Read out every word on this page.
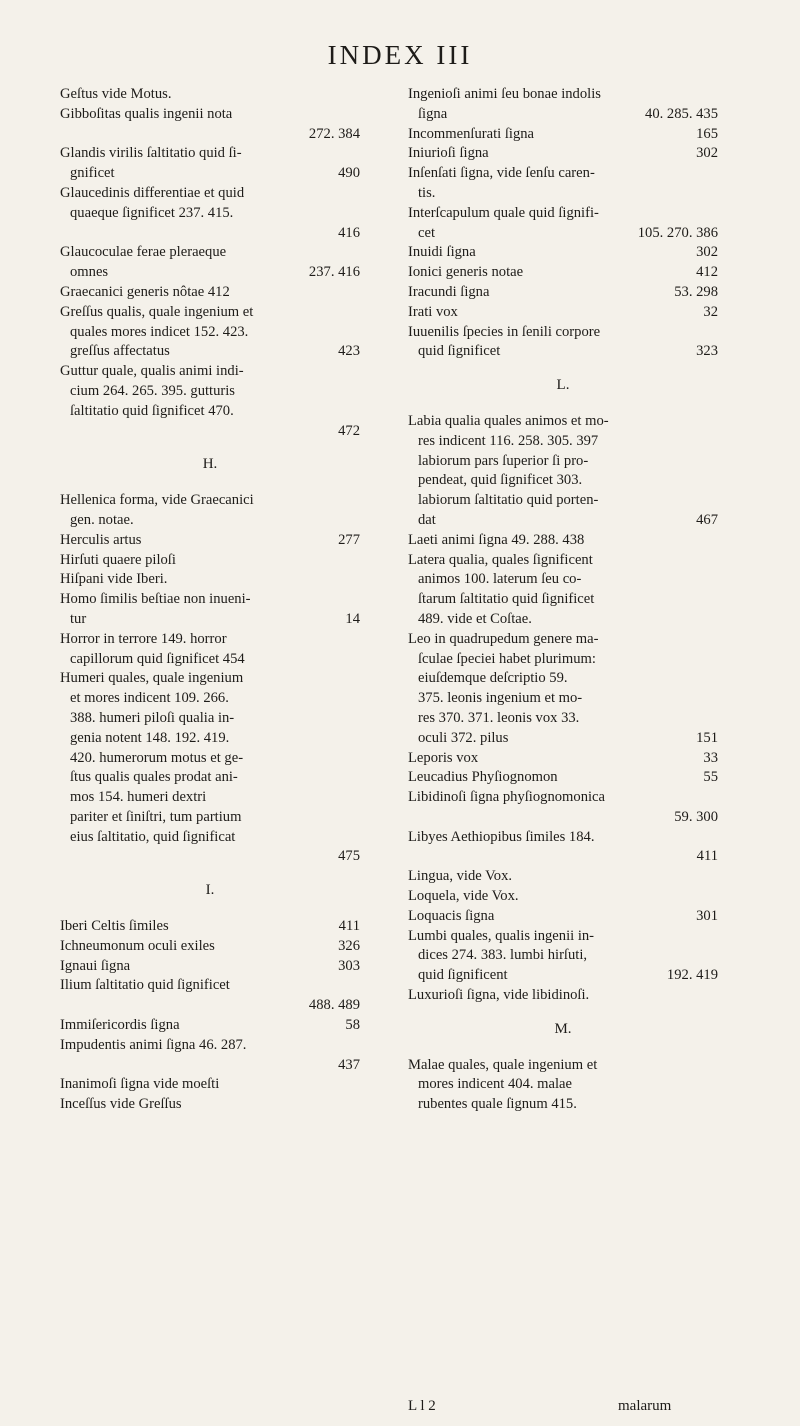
INDEX III
Geſtus vide Motus.
Gibboſitas qualis ingenii nota
272. 384
Glandis virilis ſaltitatio quid ſi-
gnificet	490
Glaucedinis differentiae et quid
quaeque ſignificet 237. 415.
416
Glaucoculae ferae pleraeque
omnes	237. 416
Graecanici generis nôtae 412
Greſſus qualis, quale ingenium et
quales mores indicet 152. 423.
greſſus affectatus	423
Guttur quale, qualis animi indi-
cium 264. 265. 395. gutturis
ſaltitatio quid ſignificet 470.
472
H.
Hellenica forma, vide Graecanici
gen. notae.
Herculis artus	277
Hirſuti quaere piloſi
Hiſpani vide Iberi.
Homo ſimilis beſtiae non inueni-
tur	14
Horror in terrore 149. horror
capillorum quid ſignificet 454
Humeri quales, quale ingenium
et mores indicent 109. 266.
388. humeri piloſi qualia in-
genia notent 148. 192. 419.
420. humerorum motus et ge-
ſtus qualis quales prodat ani-
mos 154. humeri dextri
pariter et ſiniſtri, tum partium
eius ſaltitatio, quid ſignificat
475
I.
Iberi Celtis ſimiles	411
Ichneumonum oculi exiles	326
Ignaui ſigna	303
Ilium ſaltitatio quid ſignificet
488. 489
Immiſericordis ſigna	58
Impudentis animi ſigna 46. 287.
437
Inanimoſi ſigna vide moeſti
Inceſſus vide Greſſus
Ingenioſi animi ſeu bonae indolis
ſigna	40. 285. 435
Incommenſurati ſigna	165
Iniurioſi ſigna	302
Inſenſati ſigna, vide ſenſu caren-
tis.
Interſcapulum quale quid ſignifi-
cet	105. 270. 386
Inuidi ſigna	302
Ionici generis notae	412
Iracundi ſigna	53. 298
Irati vox	32
Iuuenilis ſpecies in ſenili corpore
quid ſignificet	323
L.
Labia qualia quales animos et mo-
res indicent 116. 258. 305. 397
labiorum pars ſuperior ſi pro-
pendeat, quid ſignificet 303.
labiorum ſaltitatio quid porten-
dat	467
Laeti animi ſigna 49. 288. 438
Latera qualia, quales ſignificent
animos 100. laterum ſeu co-
ſtarum ſaltitatio quid ſignificet
489. vide et Coſtae.
Leo in quadrupedum genere ma-
ſculae ſpeciei habet plurimum:
eiuſdemque deſcriptio 59.
375. leonis ingenium et mo-
res 370. 371. leonis vox 33.
oculi 372. pilus	151
Leporis vox	33
Leucadius Phyſiognomon	55
Libidinoſi ſigna phyſiognomonica
59. 300
Libyes Aethiopibus ſimiles 184.
411
Lingua, vide Vox.
Loquela, vide Vox.
Loquacis ſigna	301
Lumbi quales, qualis ingenii in-
dices 274. 383. lumbi hirſuti,
quid ſignificent	192. 419
Luxurioſi ſigna, vide libidinoſi.
M.
Malae quales, quale ingenium et
mores indicent 404. malae
rubentes quale ſignum 415.
L l 2	malarum
